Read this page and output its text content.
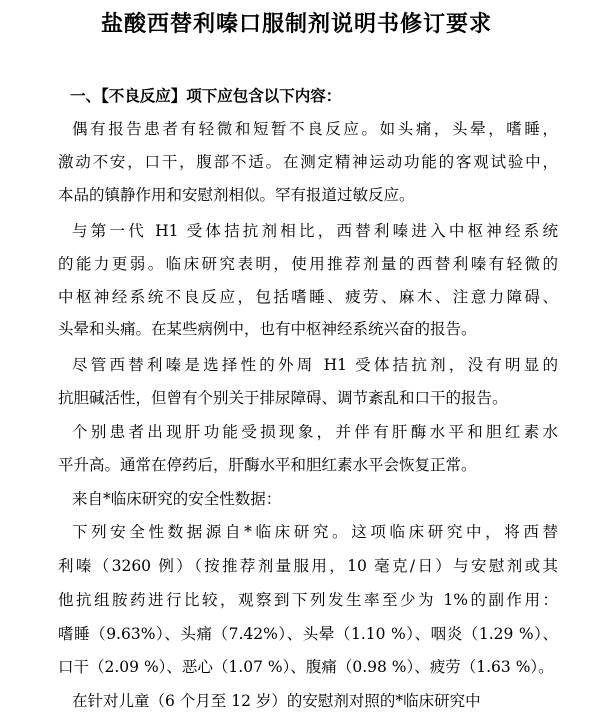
盐酸西替利嗪口服制剂说明书修订要求
一、【不良反应】项下应包含以下内容：
偶有报告患者有轻微和短暂不良反应。如头痛，头晕，嗜睡，
激动不安，口干，腹部不适。在测定精神运动功能的客观试验中，
本品的镇静作用和安慰剂相似。罕有报道过敏反应。
与第一代 H1 受体拮抗剂相比，西替利嗪进入中枢神经系统
的能力更弱。临床研究表明，使用推荐剂量的西替利嗪有轻微的
中枢神经系统不良反应，包括嗜睡、疲劳、麻木、注意力障碍、
头晕和头痛。在某些病例中，也有中枢神经系统兴奋的报告。
尽管西替利嗪是选择性的外周 H1 受体拮抗剂，没有明显的
抗胆碱活性，但曾有个别关于排尿障碍、调节紊乱和口干的报告。
个别患者出现肝功能受损现象，并伴有肝酶水平和胆红素水
平升高。通常在停药后，肝酶水平和胆红素水平会恢复正常。
来自*临床研究的安全性数据：
下列安全性数据源自*临床研究。这项临床研究中，将西替
利嗪（3260 例）（按推荐剂量服用，10 毫克/日）与安慰剂或其
他抗组胺药进行比较，观察到下列发生率至少为 1%的副作用：
嗜睡（9.63%）、头痛（7.42%）、头晕（1.10 %）、咽炎（1.29 %）、
口干（2.09 %）、恶心（1.07 %）、腹痛（0.98 %）、疲劳（1.63 %）。
在针对儿童（6 个月至 12 岁）的安慰剂对照的*临床研究中
